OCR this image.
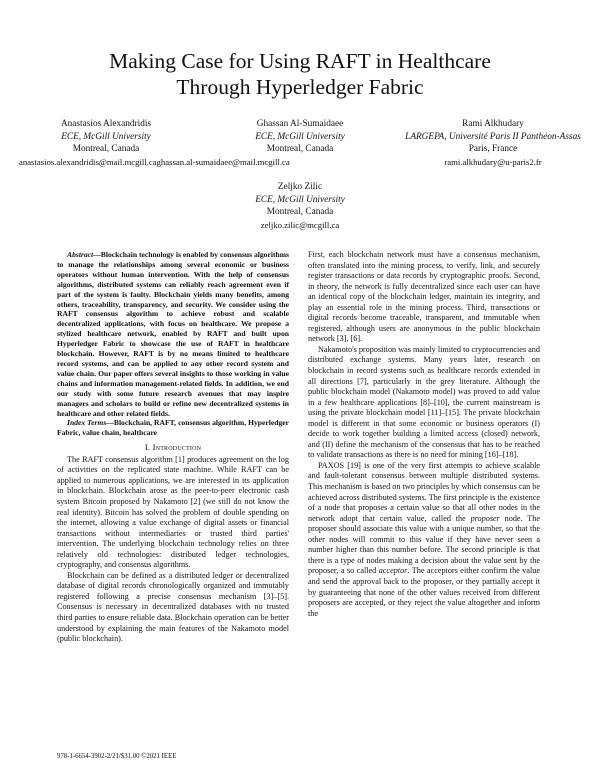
Making Case for Using RAFT in Healthcare
Through Hyperledger Fabric
Anastasios Alexandridis
ECE, McGill University
Montreal, Canada
Ghassan Al-Sumaidaee
ECE, McGill University
Montreal, Canada
anastasios.alexandridis@mail.mcgill.caghassan.al-sumaidaee@mail.mcgill.ca
Rami Alkhudary
LARGEPA, Université Paris II Panthéon-Assas
Paris, France
rami.alkhudary@u-paris2.fr
Zeljko Zilic
ECE, McGill University
Montreal, Canada
zeljko.zilic@mcgill.ca

Abstract—Blockchain technology is enabled by consensus algorithms to manage the relationships among several economic or business operators without human intervention. With the help of consensus algorithms, distributed systems can reliably reach agreement even if part of the system is faulty. Blockchain yields many benefits, among others, traceability, transparency, and security. We consider using the RAFT consensus algorithm to achieve robust and scalable decentralized applications, with focus on healthcare. We propose a stylized healthcare network, enabled by RAFT and built upon Hyperledger Fabric to showcase the use of RAFT in healthcare blockchain. However, RAFT is by no means limited to healthcare record systems, and can be applied to any other record system and value chain. Our paper offers several insights to those working in value chains and information management-related fields. In addition, we end our study with some future research avenues that may inspire managers and scholars to build or refine new decentralized systems in healthcare and other related fields.

Index Terms—Blockchain, RAFT, consensus algorithm, Hyperledger Fabric, value chain, healthcare

I. Introduction

The RAFT consensus algorithm [1] produces agreement on the log of activities on the replicated state machine. While RAFT can be applied to numerous applications, we are interested in its application in blockchain. Blockchain arose as the peer-to-peer electronic cash system Bitcoin proposed by Nakamoto [2] (we still do not know the real identity). Bitcoin has solved the problem of double spending on the internet, allowing a value exchange of digital assets or financial transactions without intermediaries or trusted third parties' intervention. The underlying blockchain technology relies on three relatively old technologies: distributed ledger technologies, cryptography, and consensus algorithms.

Blockchain can be defined as a distributed ledger or decentralized database of digital records chronologically organized and immutably registered following a precise consensus mechanism [3]–[5]. Consensus is necessary in decentralized databases with no trusted third parties to ensure reliable data. Blockchain operation can be better understood by explaining the main features of the Nakamoto model (public blockchain).

First, each blockchain network must have a consensus mechanism, often translated into the mining process, to verify, link, and securely register transactions or data records by cryptographic proofs. Second, in theory, the network is fully decentralized since each user can have an identical copy of the blockchain ledger, maintain its integrity, and play an essential role in the mining process. Third, transactions or digital records become traceable, transparent, and immutable when registered, although users are anonymous in the public blockchain network [3], [6].

Nakamoto's proposition was mainly limited to cryptocurrencies and distributed exchange systems. Many years later, research on blockchain in record systems such as healthcare records extended in all directions [7], particularly in the grey literature. Although the public blockchain model (Nakamoto model) was proved to add value in a few healthcare applications [8]–[10], the current mainstream is using the private blockchain model [11]–[15]. The private blockchain model is different in that some economic or business operators (I) decide to work together building a limited access (closed) network, and (II) define the mechanism of the consensus that has to be reached to validate transactions as there is no need for mining [16]–[18].

PAXOS [19] is one of the very first attempts to achieve scalable and fault-tolerant consensus between multiple distributed systems. This mechanism is based on two principles by which consensus can be achieved across distributed systems. The first principle is the existence of a node that proposes a certain value so that all other nodes in the network adopt that certain value, called the proposer node. The proposer should associate this value with a unique number, so that the other nodes will commit to this value if they have never seen a number higher than this number before. The second principle is that there is a type of nodes making a decision about the value sent by the proposer, a so called acceptor. The acceptors either confirm the value and send the approval back to the proposer, or they partially accept it by guaranteeing that none of the other values received from different proposers are accepted, or they reject the value altogether and inform the

978-1-6654-3902-2/21/$31.00 ©2021 IEEE
